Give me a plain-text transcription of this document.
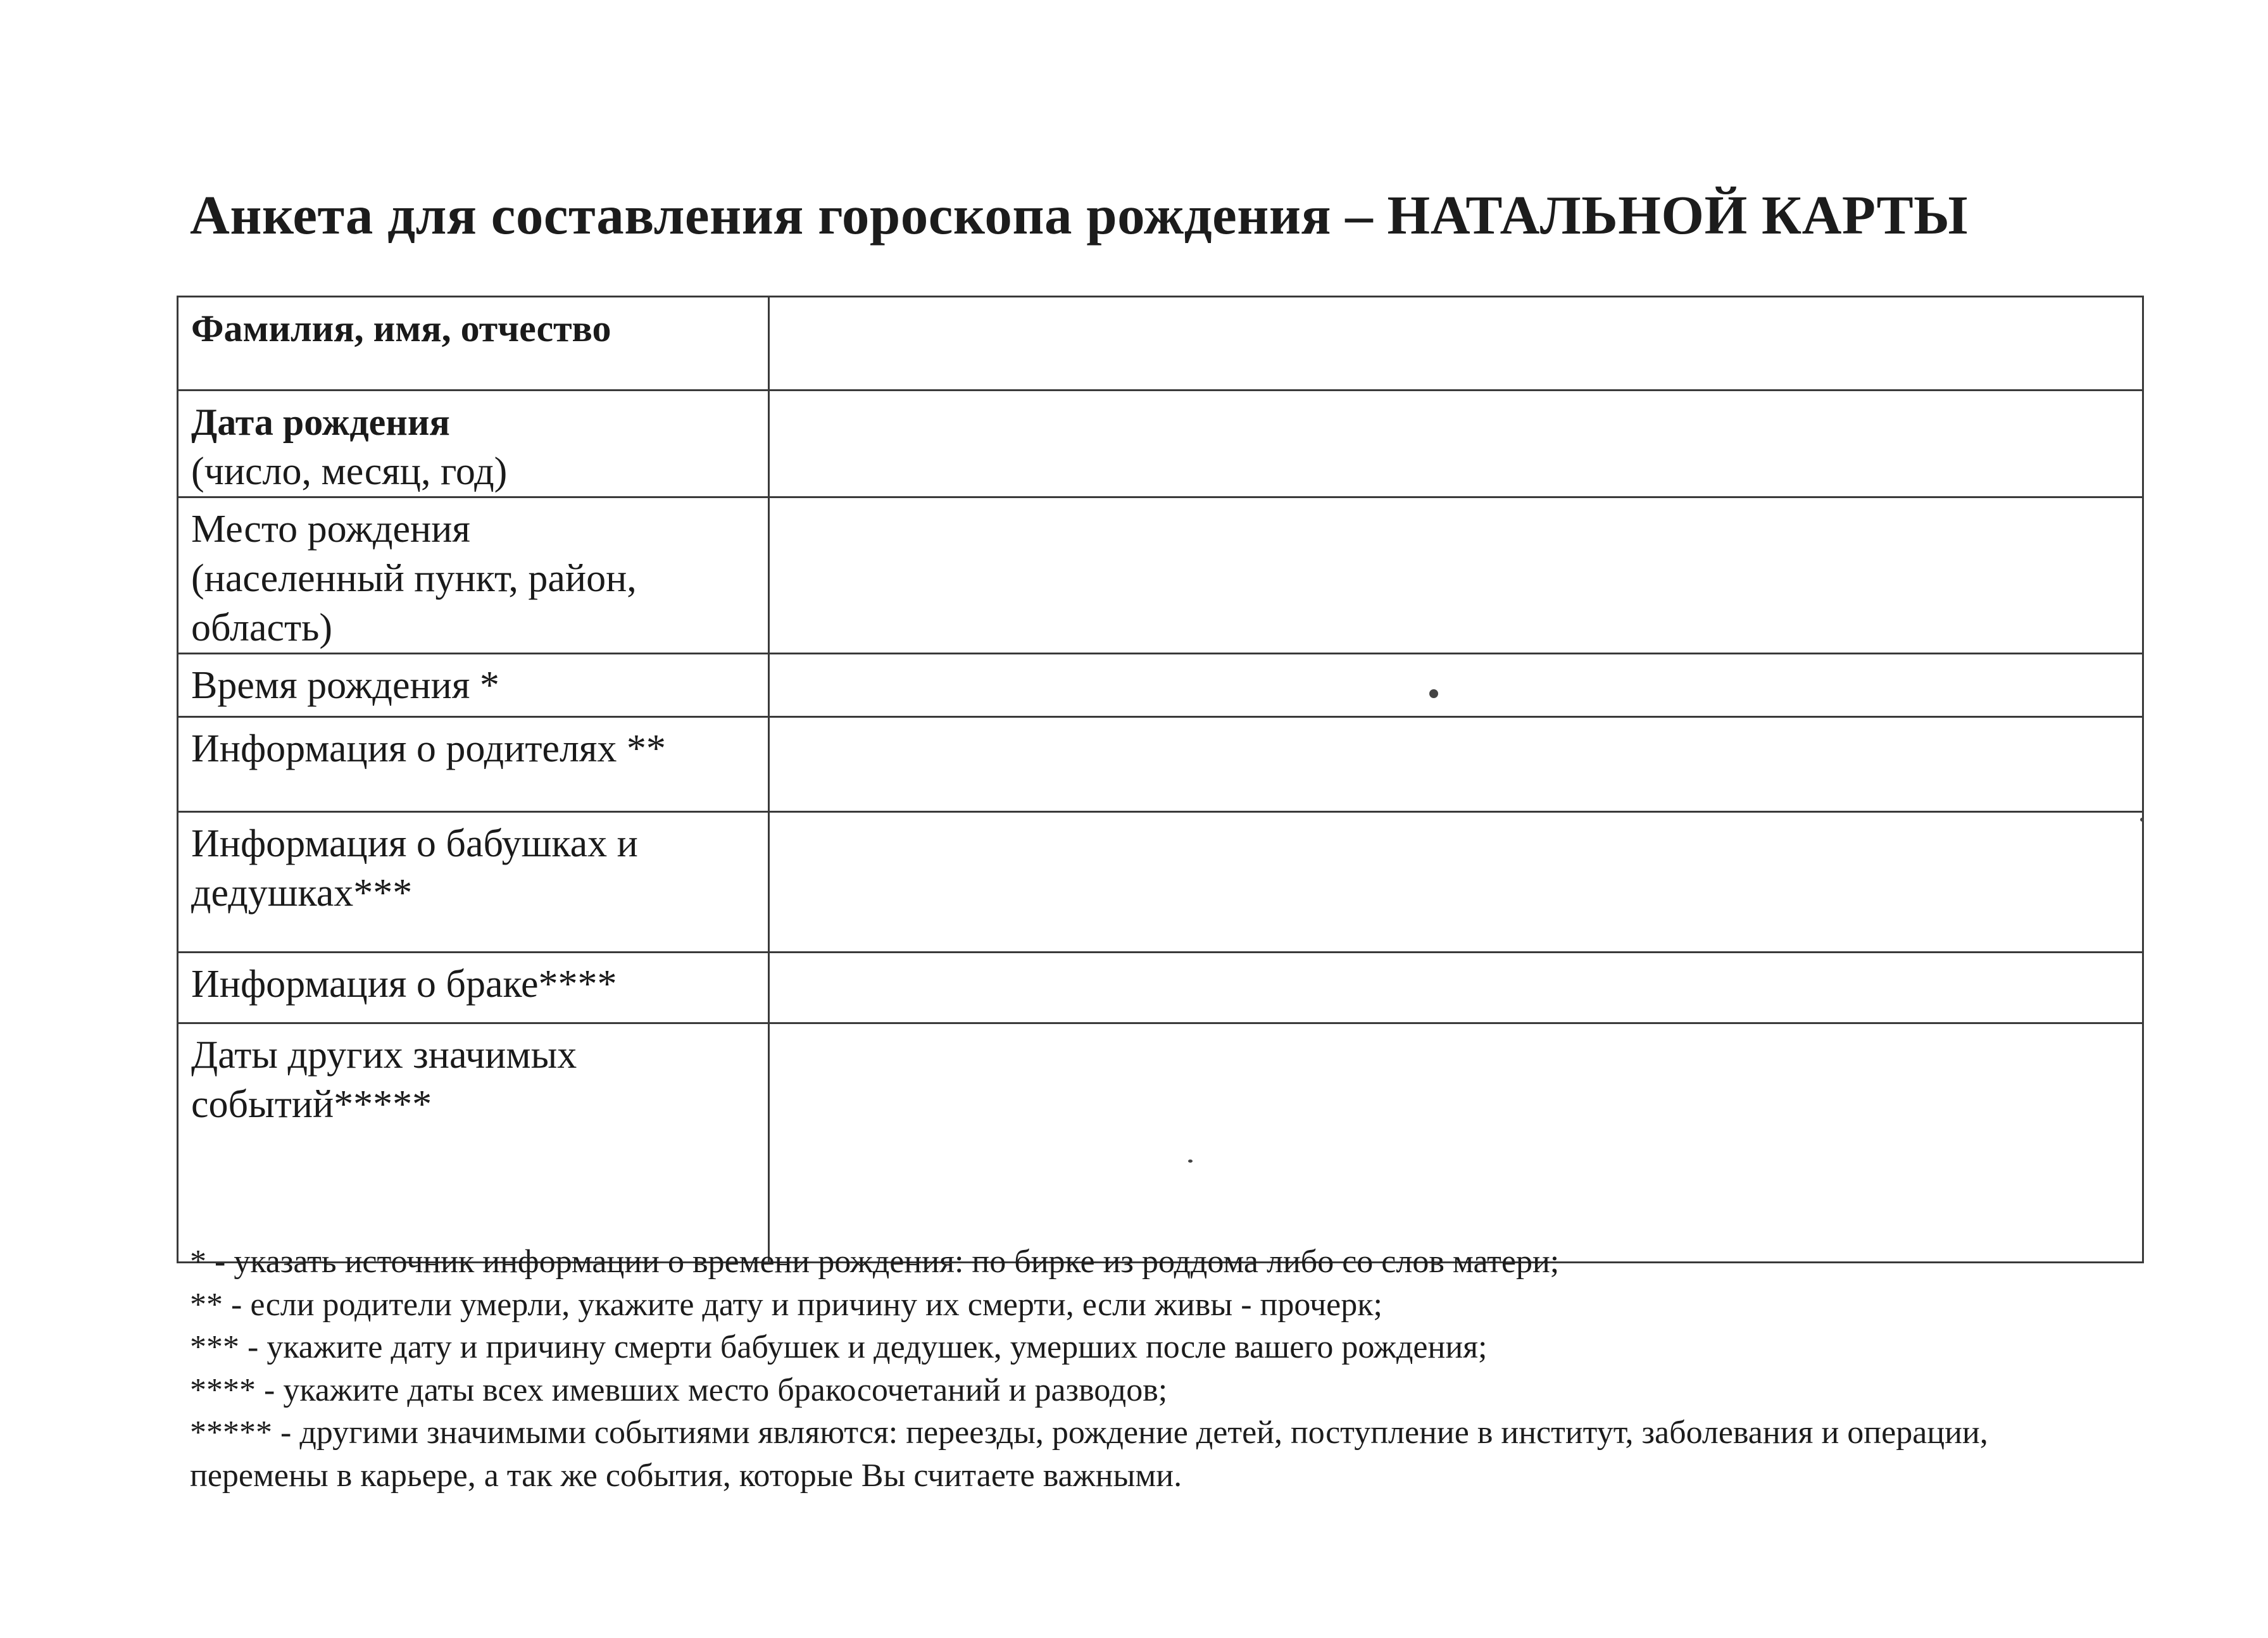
Анкета для составления гороскопа рождения – НАТАЛЬНОЙ КАРТЫ
Фамилия, имя, отчество	

Дата рождения
(число, месяц, год)	

Место рождения
(населенный пункт, район, область)	

Время рождения *	

Информация о родителях **	

Информация о бабушках и дедушках***	

Информация о браке****	

Даты других значимых событий*****	

* - указать источник информации о времени рождения: по бирке из роддома либо со слов матери;
** - если родители умерли, укажите дату и причину их смерти, если живы - прочерк;
*** - укажите дату и причину смерти бабушек и дедушек, умерших после вашего рождения;
**** - укажите даты всех имевших место бракосочетаний и разводов;
***** - другими значимыми событиями являются: переезды, рождение детей, поступление в институт, заболевания и операции, перемены в карьере, а так же события, которые Вы считаете важными.
